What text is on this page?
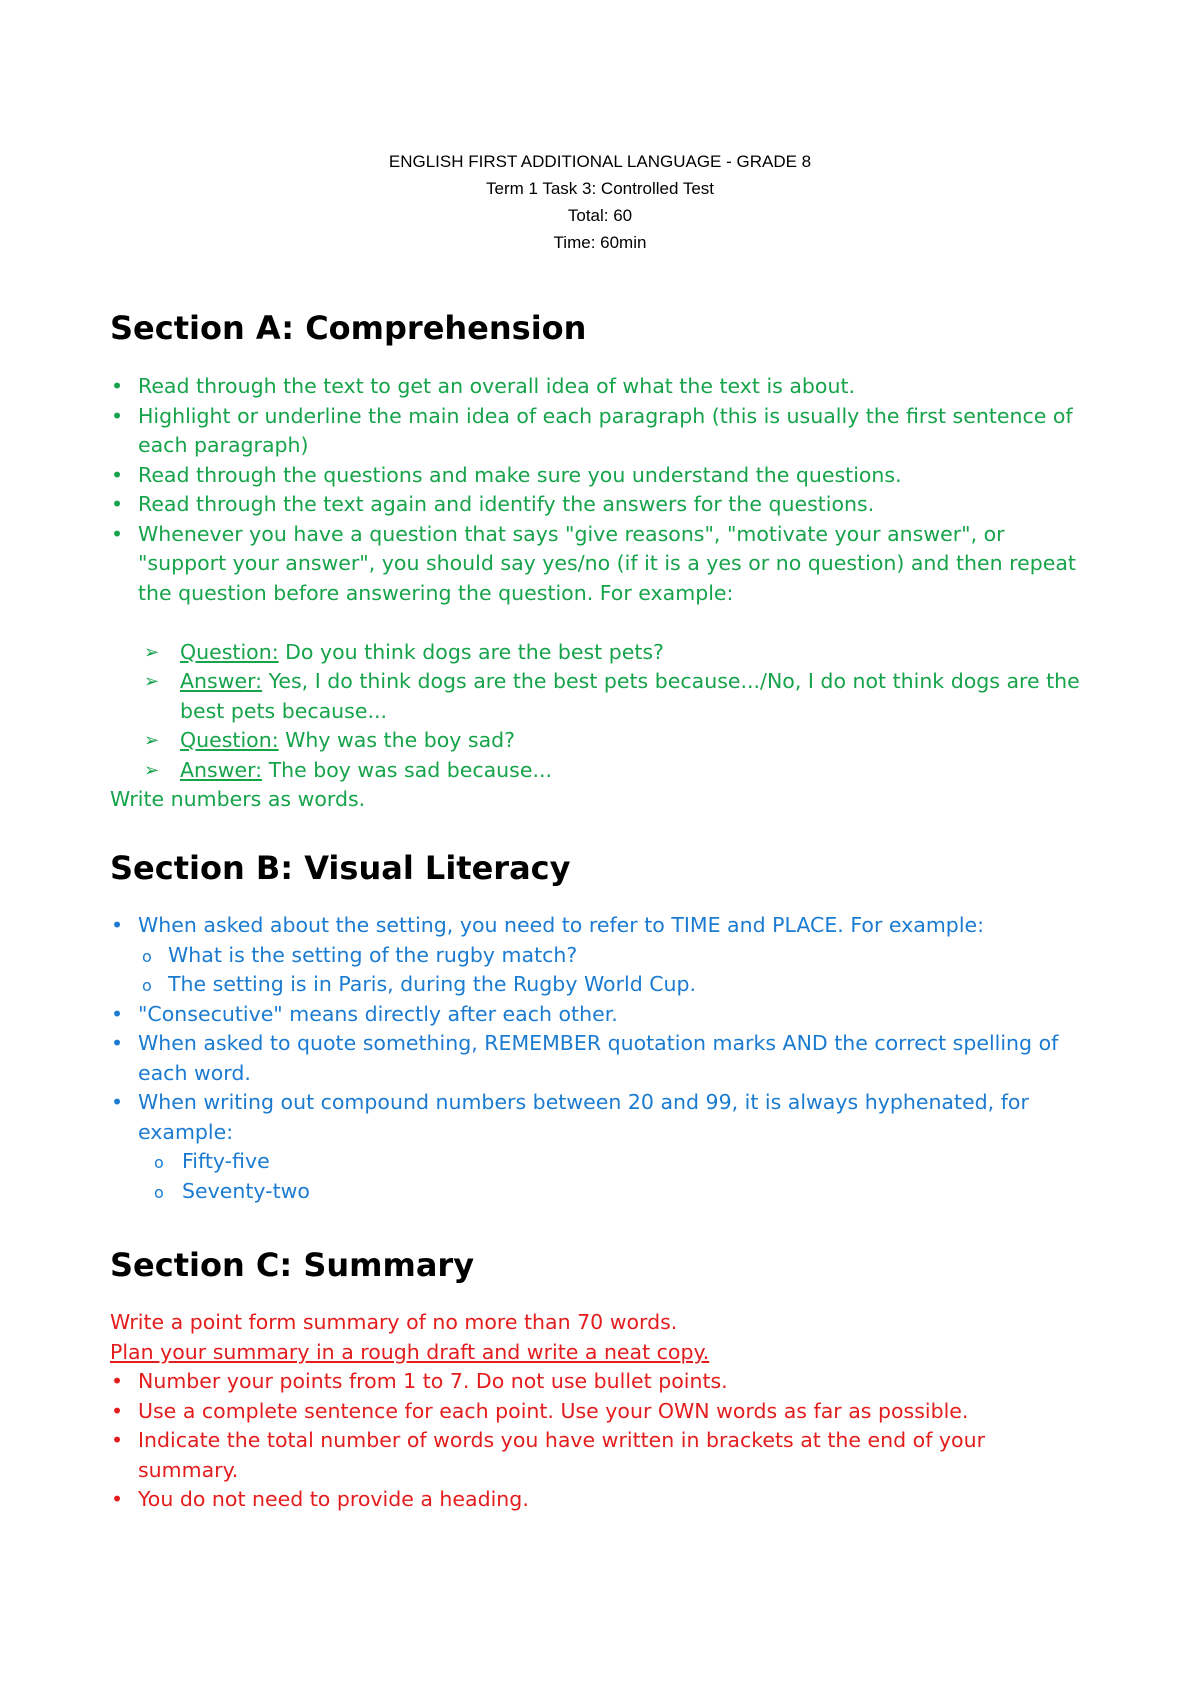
ENGLISH FIRST ADDITIONAL LANGUAGE - GRADE 8
Term 1 Task 3: Controlled Test
Total: 60
Time: 60min
Section A: Comprehension
• Read through the text to get an overall idea of what the text is about.
• Highlight or underline the main idea of each paragraph (this is usually the first sentence of each paragraph)
• Read through the questions and make sure you understand the questions.
• Read through the text again and identify the answers for the questions.
• Whenever you have a question that says "give reasons", "motivate your answer", or "support your answer", you should say yes/no (if it is a yes or no question) and then repeat the question before answering the question. For example:
➢ Question: Do you think dogs are the best pets?
➢ Answer: Yes, I do think dogs are the best pets because.../No, I do not think dogs are the best pets because...
➢ Question: Why was the boy sad?
➢ Answer: The boy was sad because...

Write numbers as words.

Section B: Visual Literacy
• When asked about the setting, you need to refer to TIME and PLACE. For example:
o What is the setting of the rugby match?
o The setting is in Paris, during the Rugby World Cup.
• "Consecutive" means directly after each other.
• When asked to quote something, REMEMBER quotation marks AND the correct spelling of each word.
• When writing out compound numbers between 20 and 99, it is always hyphenated, for example:
o Fifty-five
o Seventy-two
Section C: Summary

Write a point form summary of no more than 70 words.

Plan your summary in a rough draft and write a neat copy.

• Number your points from 1 to 7. Do not use bullet points.
• Use a complete sentence for each point. Use your OWN words as far as possible.
• Indicate the total number of words you have written in brackets at the end of your summary.
• You do not need to provide a heading.
